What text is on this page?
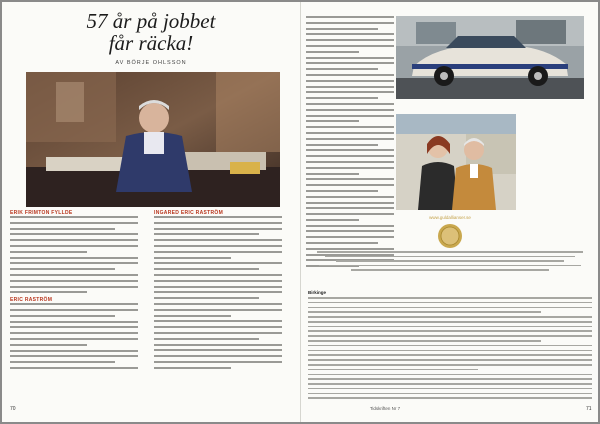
57 år på jobbet
får räcka!
AV BÖRJE OHLSSON
ERIK FRIMTON FYLLDE
ERIC RASTRÖM
INGARED ERIC RASTRÖM
70	Tidskriften Nr 7	71
www.guldallianser.se
Birkinge
